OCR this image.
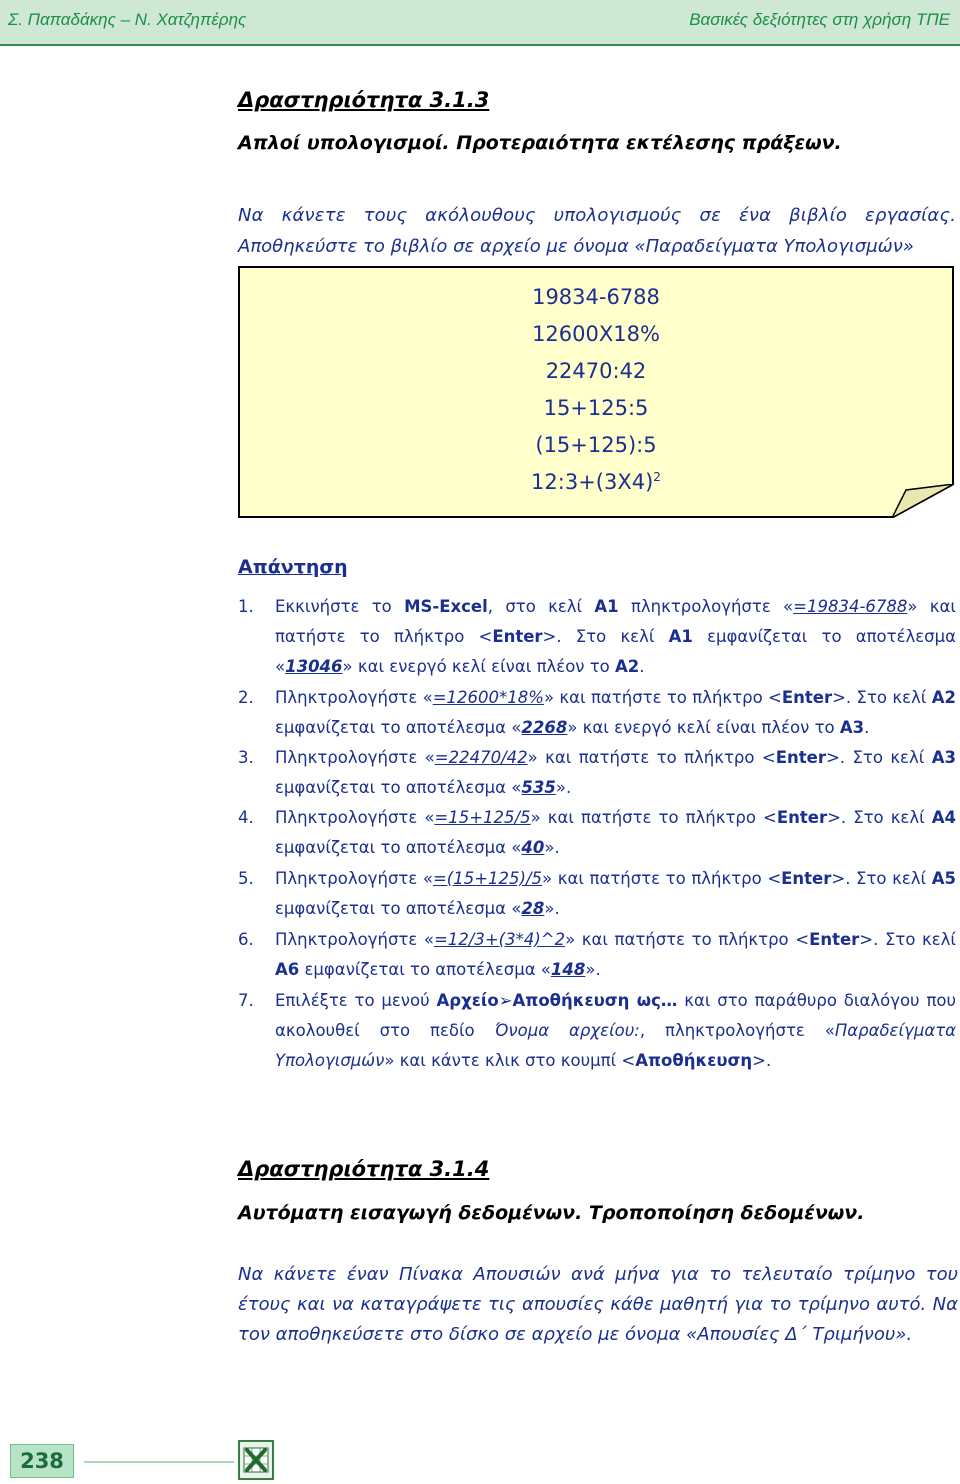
Σ. Παπαδάκης – Ν. Χατζηπέρης	Βασικές δεξιότητες στη χρήση ΤΠΕ
Δραστηριότητα 3.1.3
Απλοί υπολογισμοί. Προτεραιότητα εκτέλεσης πράξεων.
Να κάνετε τους ακόλουθους υπολογισμούς σε ένα βιβλίο εργασίας.
Αποθηκεύστε το βιβλίο σε αρχείο με όνομα «Παραδείγματα Υπολογισμών»
19834-6788
12600X18%
22470:42
15+125:5
(15+125):5
$12:3+(3X4)^2$
Απάντηση
1.	Εκκινήστε το MS-Excel, στο κελί A1 πληκτρολογήστε «=19834-6788» και πατήστε το πλήκτρο <Enter>. Στο κελί A1 εμφανίζεται το αποτέλεσμα «13046» και ενεργό κελί είναι πλέον το A2.
2.	Πληκτρολογήστε «=12600*18%» και πατήστε το πλήκτρο <Enter>. Στο κελί A2 εμφανίζεται το αποτέλεσμα «2268» και ενεργό κελί είναι πλέον το A3.
3.	Πληκτρολογήστε «=22470/42» και πατήστε το πλήκτρο <Enter>. Στο κελί A3 εμφανίζεται το αποτέλεσμα «535».
4.	Πληκτρολογήστε «=15+125/5» και πατήστε το πλήκτρο <Enter>. Στο κελί A4 εμφανίζεται το αποτέλεσμα «40».
5.	Πληκτρολογήστε «=(15+125)/5» και πατήστε το πλήκτρο <Enter>. Στο κελί A5 εμφανίζεται το αποτέλεσμα «28».
6.	Πληκτρολογήστε «=12/3+(3*4)^2» και πατήστε το πλήκτρο <Enter>. Στο κελί A6 εμφανίζεται το αποτέλεσμα «148».
7.	Επιλέξτε το μενού Αρχείο➢Αποθήκευση ως… και στο παράθυρο διαλόγου που ακολουθεί στο πεδίο Όνομα αρχείου:, πληκτρολογήστε «Παραδείγματα Υπολογισμών» και κάντε κλικ στο κουμπί <Αποθήκευση>.
Δραστηριότητα 3.1.4
Αυτόματη εισαγωγή δεδομένων. Τροποποίηση δεδομένων.
Να κάνετε έναν Πίνακα Απουσιών ανά μήνα για το τελευταίο τρίμηνο του έτους και να καταγράψετε τις απουσίες κάθε μαθητή για το τρίμηνο αυτό. Να τον αποθηκεύσετε στο δίσκο σε αρχείο με όνομα «Απουσίες Δ΄ Τριμήνου».
238
